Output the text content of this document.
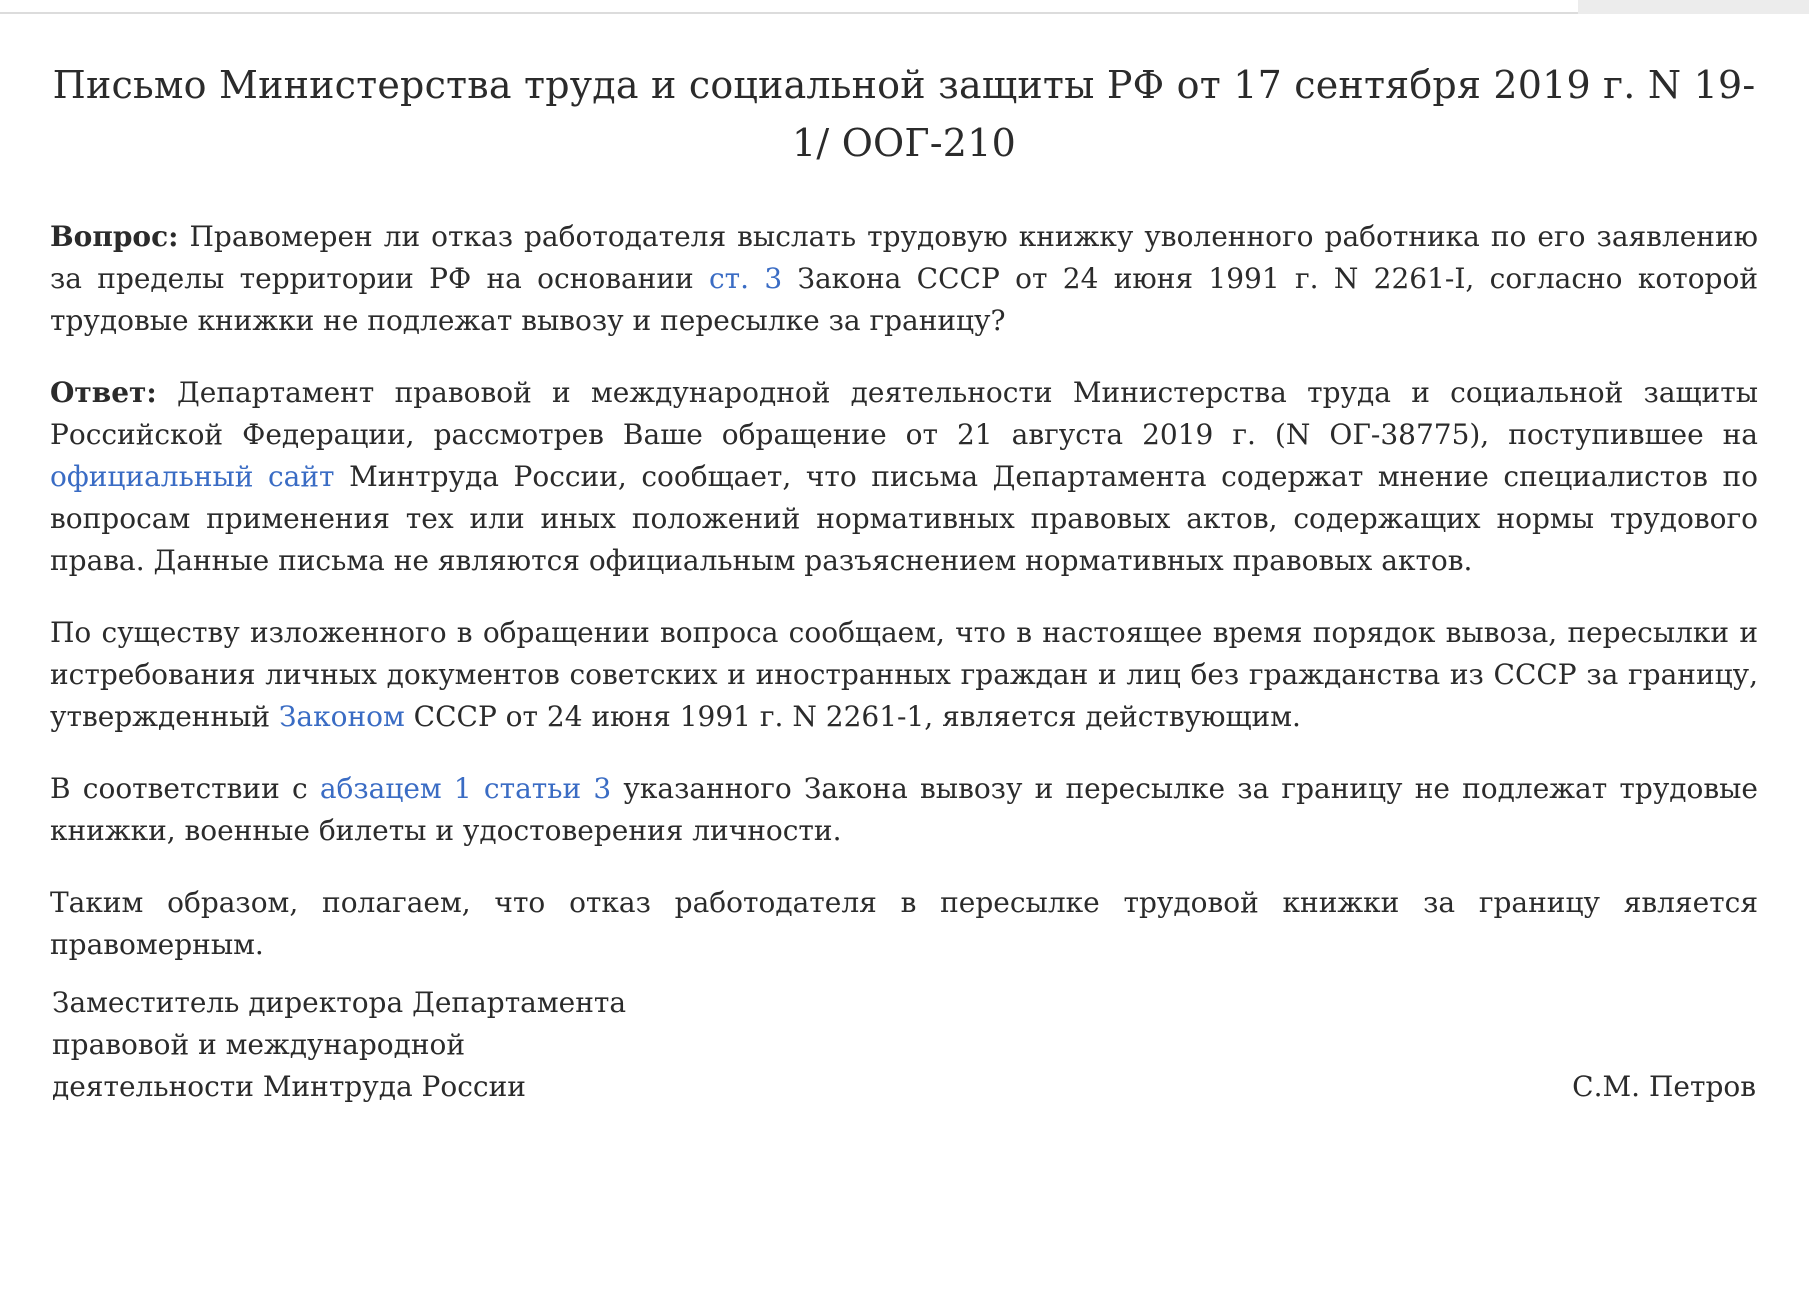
Письмо Министерства труда и социальной защиты РФ от 17 сентября 2019 г. N 19-1/ ООГ-210

Вопрос: Правомерен ли отказ работодателя выслать трудовую книжку уволенного работника по его заявлению за пределы территории РФ на основании ст. 3 Закона СССР от 24 июня 1991 г. N 2261-I, согласно которой трудовые книжки не подлежат вывозу и пересылке за границу?

Ответ: Департамент правовой и международной деятельности Министерства труда и социальной защиты Российской Федерации, рассмотрев Ваше обращение от 21 августа 2019 г. (N ОГ-38775), поступившее на официальный сайт Минтруда России, сообщает, что письма Департамента содержат мнение специалистов по вопросам применения тех или иных положений нормативных правовых актов, содержащих нормы трудового права. Данные письма не являются официальным разъяснением нормативных правовых актов.

По существу изложенного в обращении вопроса сообщаем, что в настоящее время порядок вывоза, пересылки и истребования личных документов советских и иностранных граждан и лиц без гражданства из СССР за границу, утвержденный Законом СССР от 24 июня 1991 г. N 2261-1, является действующим.

В соответствии с абзацем 1 статьи 3 указанного Закона вывозу и пересылке за границу не подлежат трудовые книжки, военные билеты и удостоверения личности.

Таким образом, полагаем, что отказ работодателя в пересылке трудовой книжки за границу является правомерным.

Заместитель директора Департамента
правовой и международной
деятельности Минтруда России	С.М. Петров
